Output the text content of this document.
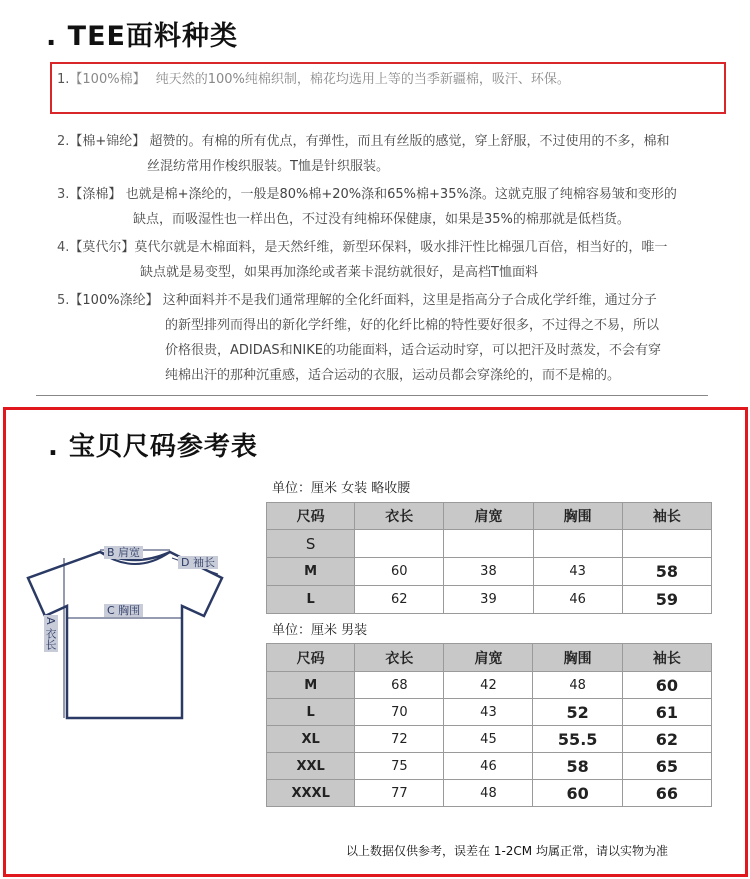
. TEE面料种类
1.【100%棉】 纯天然的100%纯棉织制，棉花均选用上等的当季新疆棉，吸汗、环保。
2.【棉+锦纶】 超赞的。有棉的所有优点，有弹性，而且有丝版的感觉，穿上舒服，不过使用的不多，棉和
丝混纺常用作梭织服装。T恤是针织服装。
3.【涤棉】 也就是棉+涤纶的，一般是80%棉+20%涤和65%棉+35%涤。这就克服了纯棉容易皱和变形的
缺点，而吸湿性也一样出色，不过没有纯棉环保健康，如果是35%的棉那就是低档货。
4.【莫代尔】莫代尔就是木棉面料，是天然纤维，新型环保料，吸水排汗性比棉强几百倍，相当好的，唯一
缺点就是易变型，如果再加涤纶或者莱卡混纺就很好，是高档T恤面料
5.【100%涤纶】 这种面料并不是我们通常理解的全化纤面料，这里是指高分子合成化学纤维，通过分子
的新型排列而得出的新化学纤维，好的化纤比棉的特性要好很多，不过得之不易，所以
价格很贵，ADIDAS和NIKE的功能面料，适合运动时穿，可以把汗及时蒸发，不会有穿
纯棉出汗的那种沉重感，适合运动的衣服，运动员都会穿涤纶的，而不是棉的。
. 宝贝尺码参考表
B 肩宽
D 袖长
C 胸围
A 衣长
单位：厘米 女装 略收腰
尺码	衣长	肩宽	胸围	袖长
S				
M	60	38	43	58
L	62	39	46	59
单位：厘米 男装
尺码	衣长	肩宽	胸围	袖长
M	68	42	48	60
L	70	43	52	61
XL	72	45	55.5	62
XXL	75	46	58	65
XXXL	77	48	60	66
以上数据仅供参考，误差在 1-2CM 均属正常，请以实物为准
